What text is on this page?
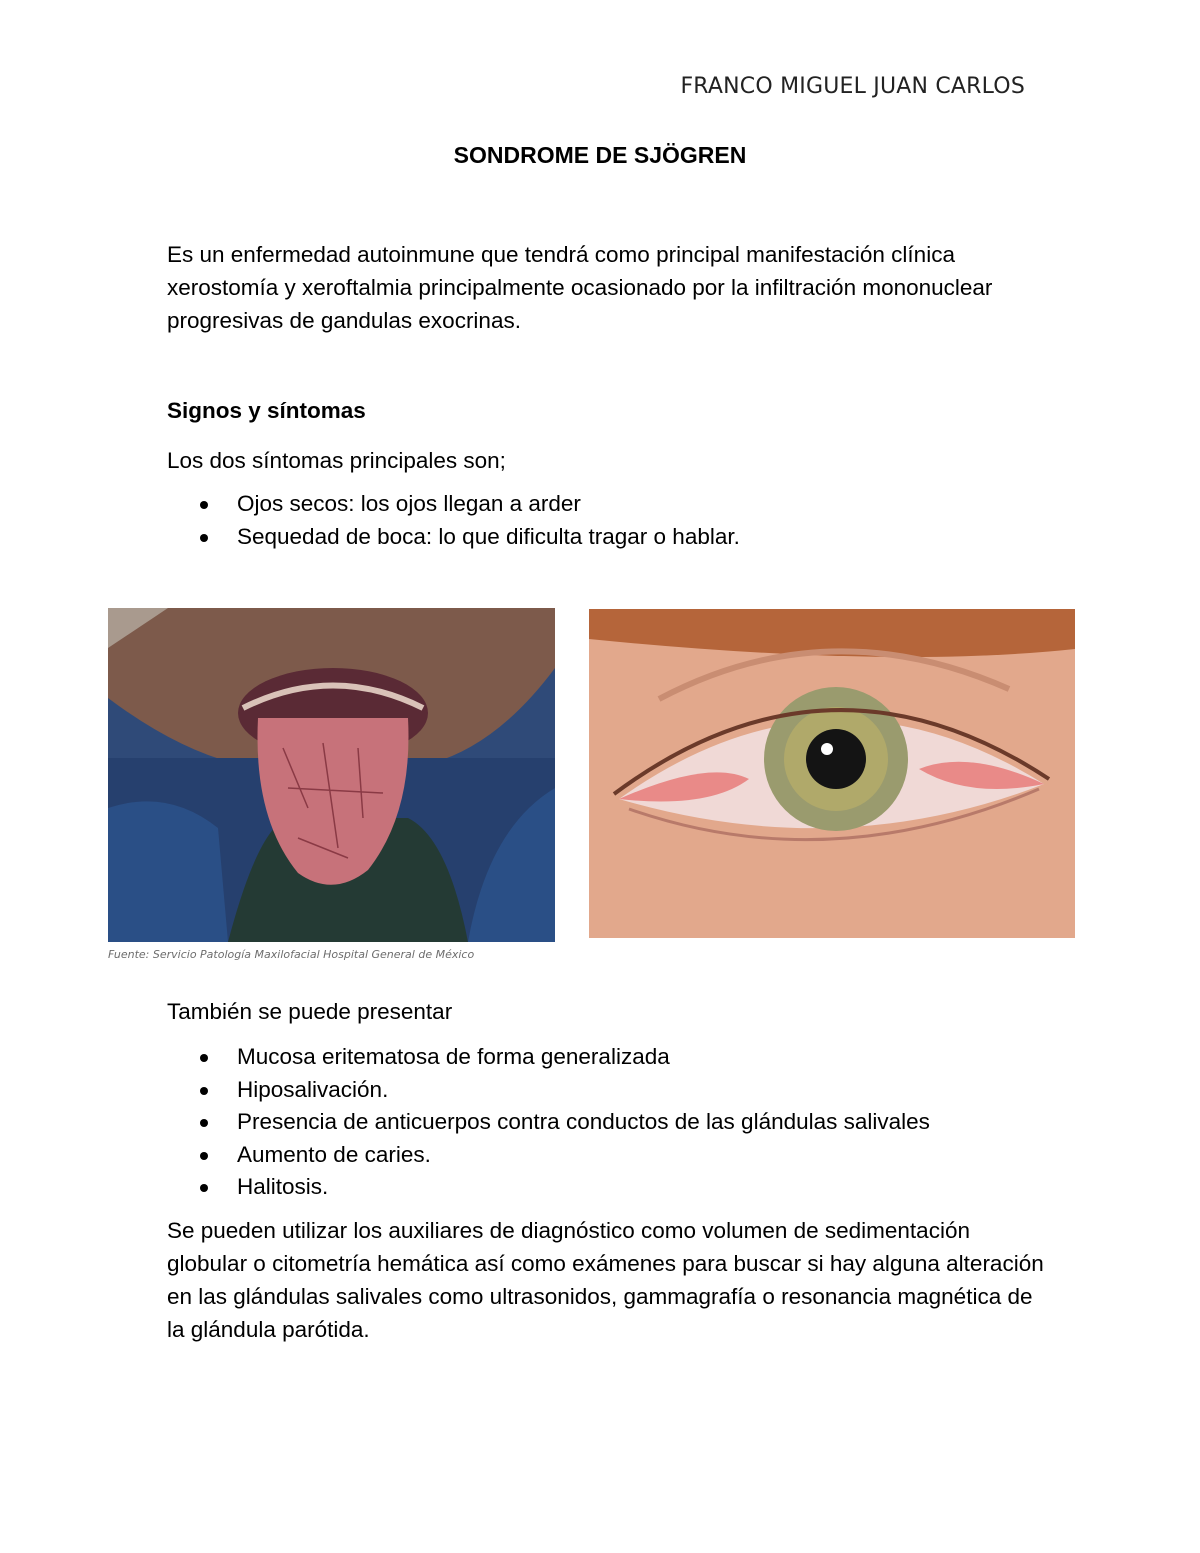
FRANCO MIGUEL JUAN CARLOS
SONDROME DE SJÖGREN

Es un enfermedad autoinmune que tendrá como principal manifestación clínica xerostomía y xeroftalmia principalmente ocasionado por la infiltración mononuclear progresivas de gandulas exocrinas.

Signos y síntomas

Los dos síntomas principales son;

Ojos secos: los ojos llegan a arder
Sequedad de boca: lo que dificulta tragar o hablar.
Fuente: Servicio Patología Maxilofacial Hospital General de México

También se puede presentar

Mucosa eritematosa de forma generalizada
Hiposalivación.
Presencia de anticuerpos contra conductos de las glándulas salivales
Aumento de caries.
Halitosis.

Se pueden utilizar los auxiliares de diagnóstico como volumen de sedimentación globular o citometría hemática así como exámenes para buscar si hay alguna alteración en las glándulas salivales como ultrasonidos, gammagrafía o resonancia magnética de la glándula parótida.
